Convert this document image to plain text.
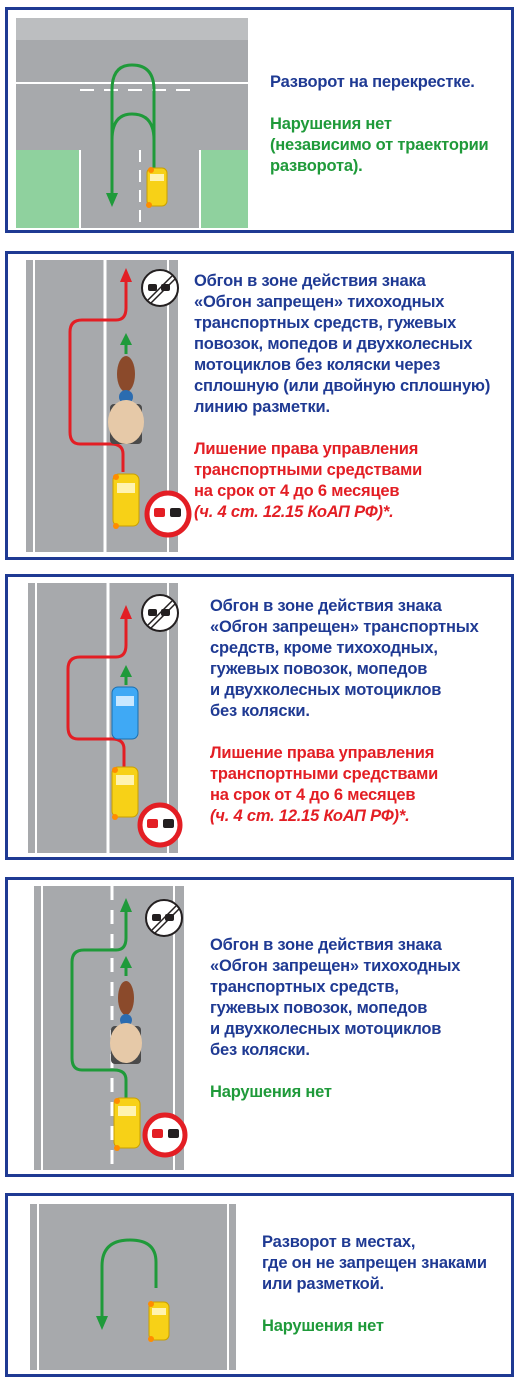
Разворот на перекрестке.

Нарушения нет
(независимо от траектории
разворота).

Обгон в зоне действия знака
«Обгон запрещен» тихоходных
транспортных средств, гужевых
повозок, мопедов и двухколесных
мотоциклов без коляски через
сплошную (или двойную сплошную)
линию разметки.

Лишение права управления
транспортными средствами
на срок от 4 до 6 месяцев

(ч. 4 ст. 12.15 КоАП РФ)*.

Обгон в зоне действия знака
«Обгон запрещен» транспортных
средств, кроме тихоходных,
гужевых повозок, мопедов
и двухколесных мотоциклов
без коляски.

Лишение права управления
транспортными средствами
на срок от 4 до 6 месяцев

(ч. 4 ст. 12.15 КоАП РФ)*.

Обгон в зоне действия знака
«Обгон запрещен» тихоходных
транспортных средств,
гужевых повозок, мопедов
и двухколесных мотоциклов
без коляски.

Нарушения нет

Разворот в местах,
где он не запрещен знаками
или разметкой.

Нарушения нет
